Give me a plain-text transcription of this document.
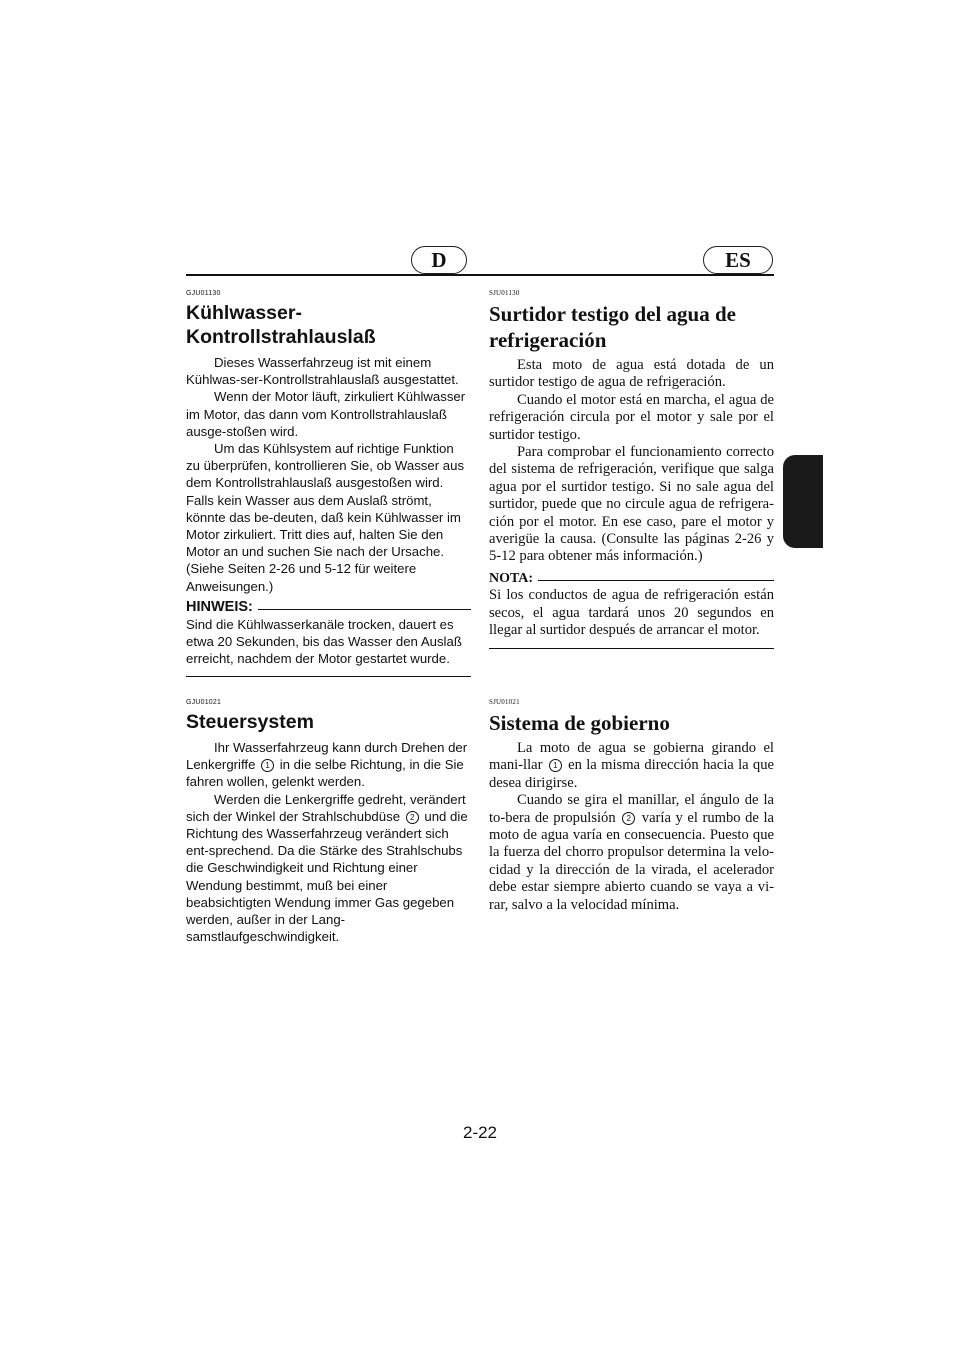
D	ES
GJU01130
Kühlwasser-Kontrollstrahlauslaß

Dieses Wasserfahrzeug ist mit einem Kühlwas-ser-Kontrollstrahlauslaß ausgestattet.

Wenn der Motor läuft, zirkuliert Kühlwasser im Motor, das dann vom Kontrollstrahlauslaß ausge-stoßen wird.

Um das Kühlsystem auf richtige Funktion zu überprüfen, kontrollieren Sie, ob Wasser aus dem Kontrollstrahlauslaß ausgestoßen wird. Falls kein Wasser aus dem Auslaß strömt, könnte das be-deuten, daß kein Kühlwasser im Motor zirkuliert. Tritt dies auf, halten Sie den Motor an und suchen Sie nach der Ursache. (Siehe Seiten 2-26 und 5-12 für weitere Anweisungen.)

HINWEIS:

Sind die Kühlwasserkanäle trocken, dauert es etwa 20 Sekunden, bis das Wasser den Auslaß erreicht, nachdem der Motor gestartet wurde.

SJU01130
Surtidor testigo del agua de refrigeración

Esta moto de agua está dotada de un surtidor testigo de agua de refrigeración.

Cuando el motor está en marcha, el agua de refrigeración circula por el motor y sale por el surtidor testigo.

Para comprobar el funcionamiento correcto del sistema de refrigeración, verifique que salga agua por el surtidor testigo. Si no sale agua del surtidor, puede que no circule agua de refrigera-ción por el motor. En ese caso, pare el motor y averigüe la causa. (Consulte las páginas 2-26 y 5-12 para obtener más información.)

NOTA:

Si los conductos de agua de refrigeración están secos, el agua tardará unos 20 segundos en llegar al surtidor después de arrancar el motor.

GJU01021
Steuersystem

Ihr Wasserfahrzeug kann durch Drehen der Lenkergriffe 1 in die selbe Richtung, in die Sie fahren wollen, gelenkt werden.

Werden die Lenkergriffe gedreht, verändert sich der Winkel der Strahlschubdüse 2 und die Richtung des Wasserfahrzeug verändert sich ent-sprechend. Da die Stärke des Strahlschubs die Geschwindigkeit und Richtung einer Wendung bestimmt, muß bei einer beabsichtigten Wendung immer Gas gegeben werden, außer in der Lang-samstlaufgeschwindigkeit.

SJU01021
Sistema de gobierno

La moto de agua se gobierna girando el mani-llar 1 en la misma dirección hacia la que desea dirigirse.

Cuando se gira el manillar, el ángulo de la to-bera de propulsión 2 varía y el rumbo de la moto de agua varía en consecuencia. Puesto que la fuerza del chorro propulsor determina la velo-cidad y la dirección de la virada, el acelerador debe estar siempre abierto cuando se vaya a vi-rar, salvo a la velocidad mínima.

2-22
